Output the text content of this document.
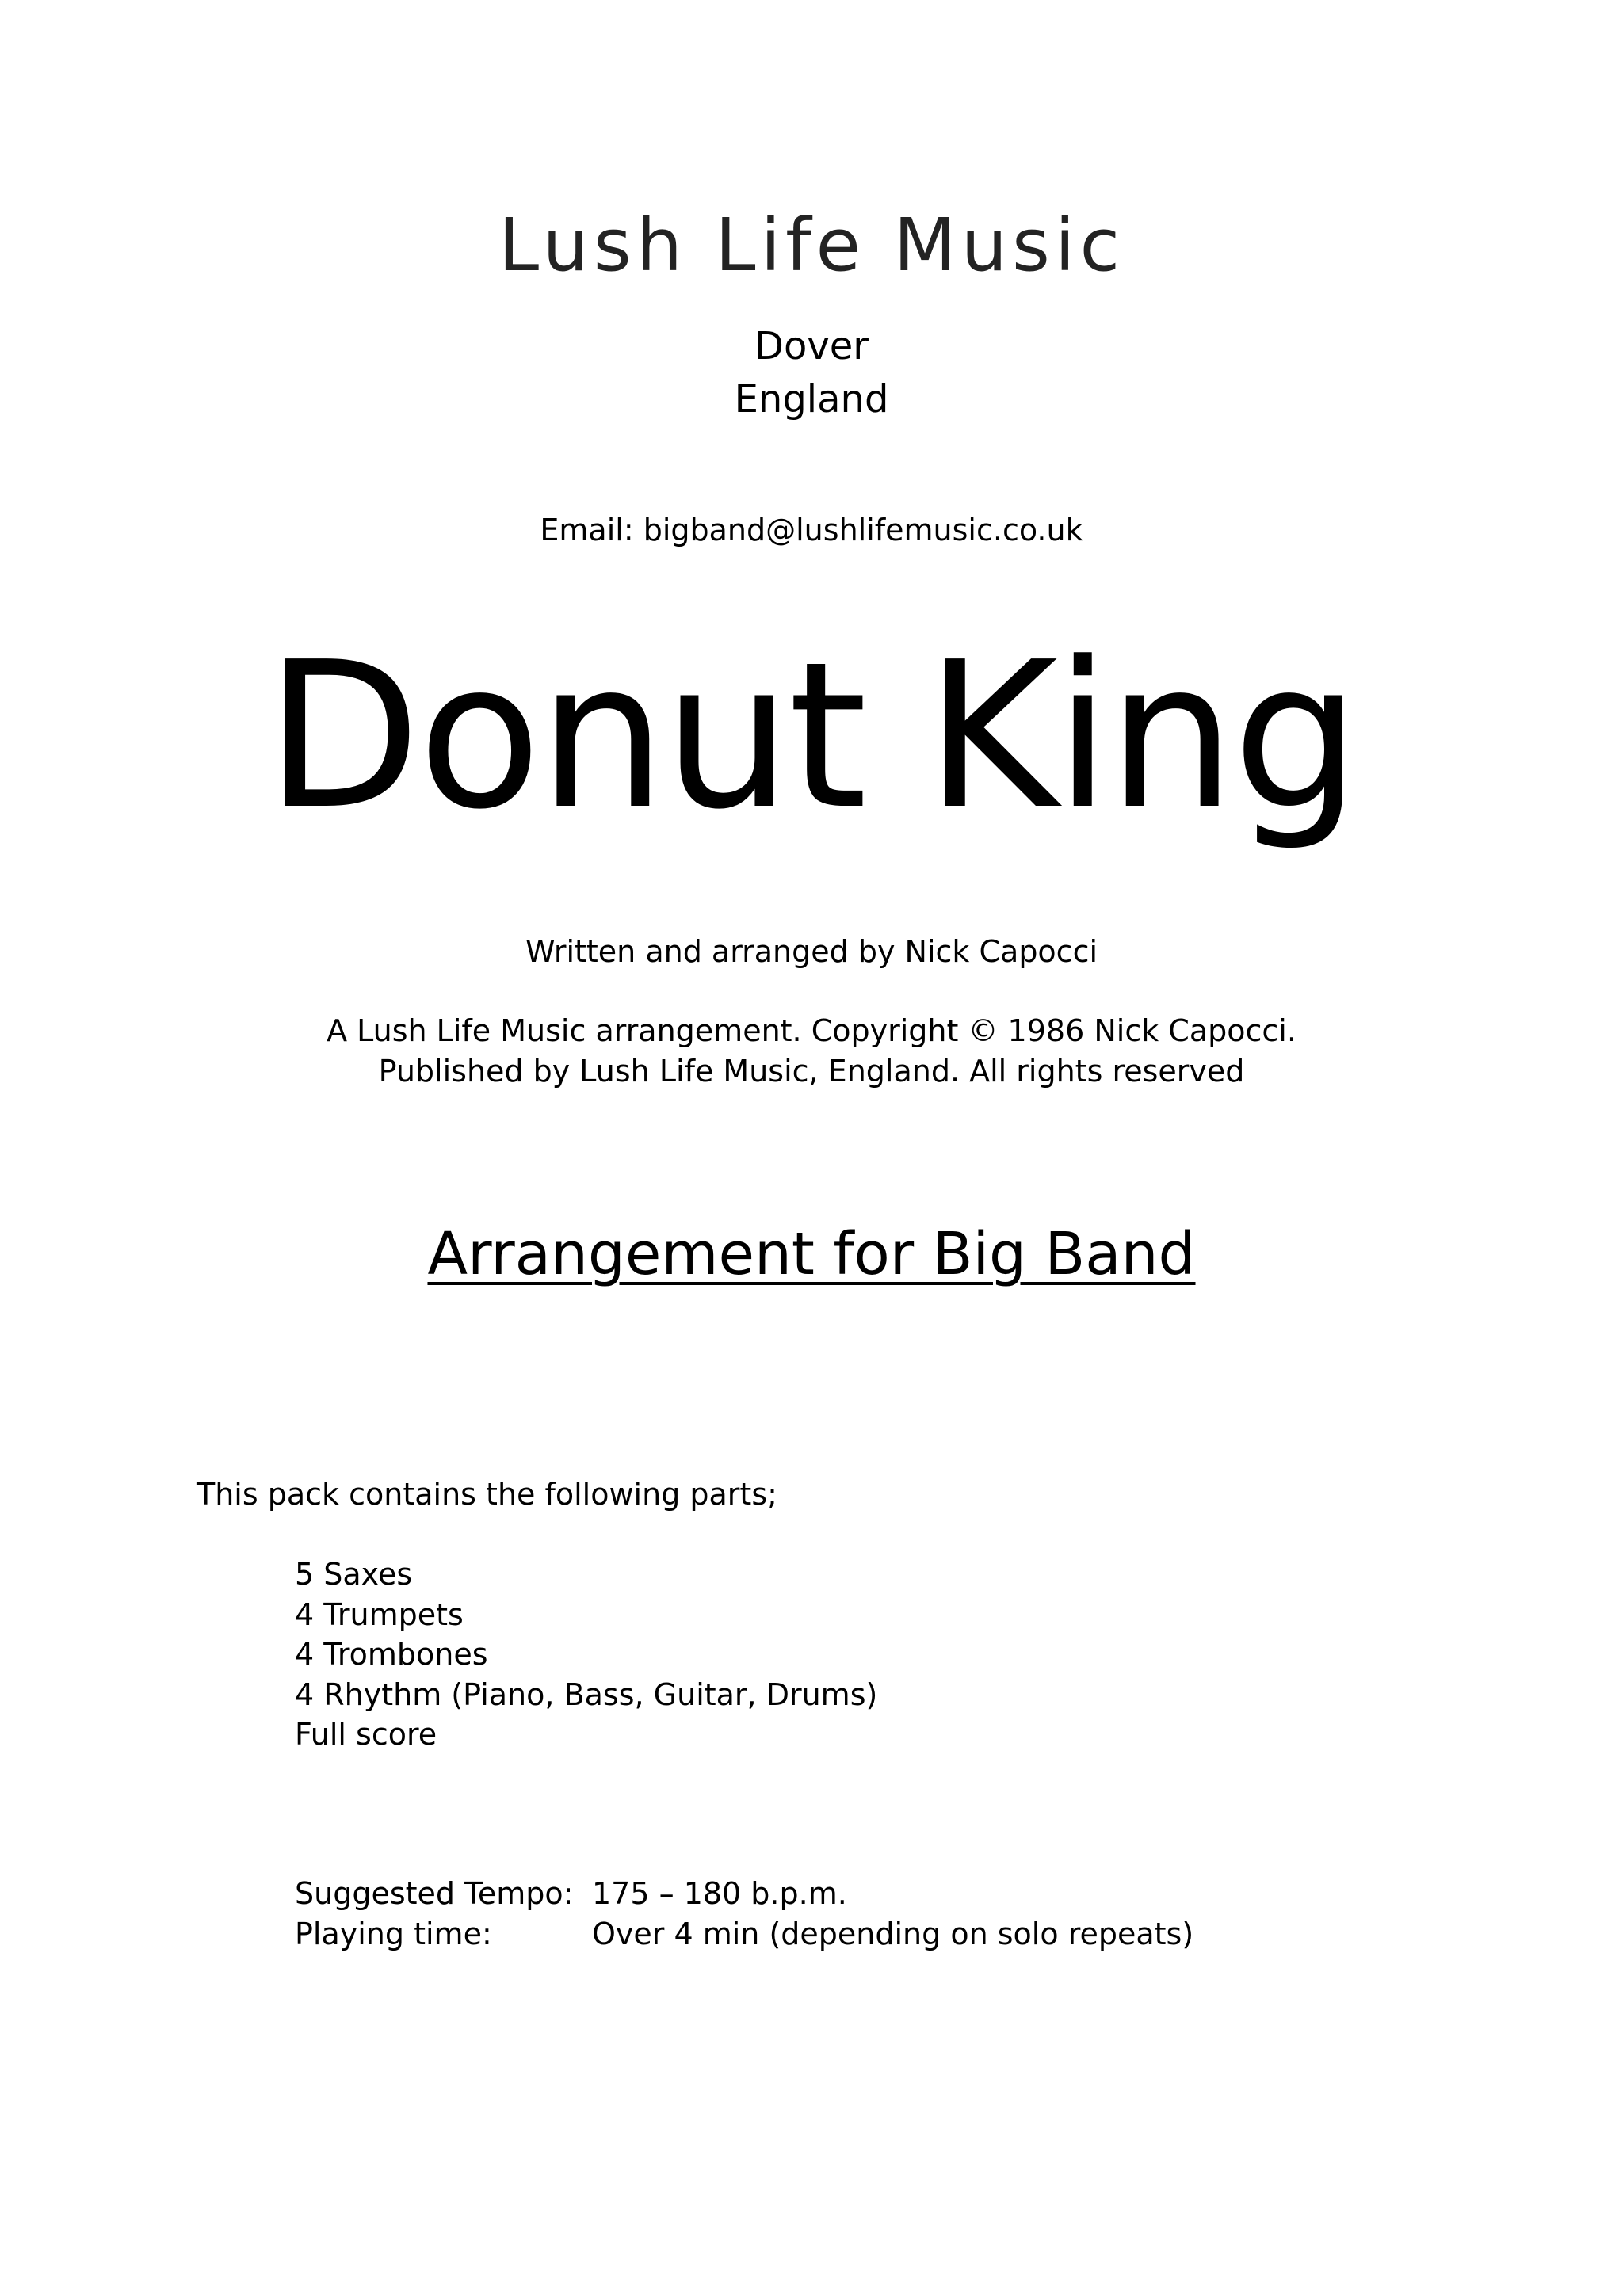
Lush Life Music
Dover
England
Email: bigband@lushlifemusic.co.uk
Donut King
Written and arranged by Nick Capocci
A Lush Life Music arrangement. Copyright © 1986 Nick Capocci.
Published by Lush Life Music, England. All rights reserved
Arrangement for Big Band
This pack contains the following parts;
5 Saxes
4 Trumpets
4 Trombones
4 Rhythm (Piano, Bass, Guitar, Drums)
Full score
Suggested Tempo: 175 – 180 b.p.m.
Playing time:	Over 4 min (depending on solo repeats)
